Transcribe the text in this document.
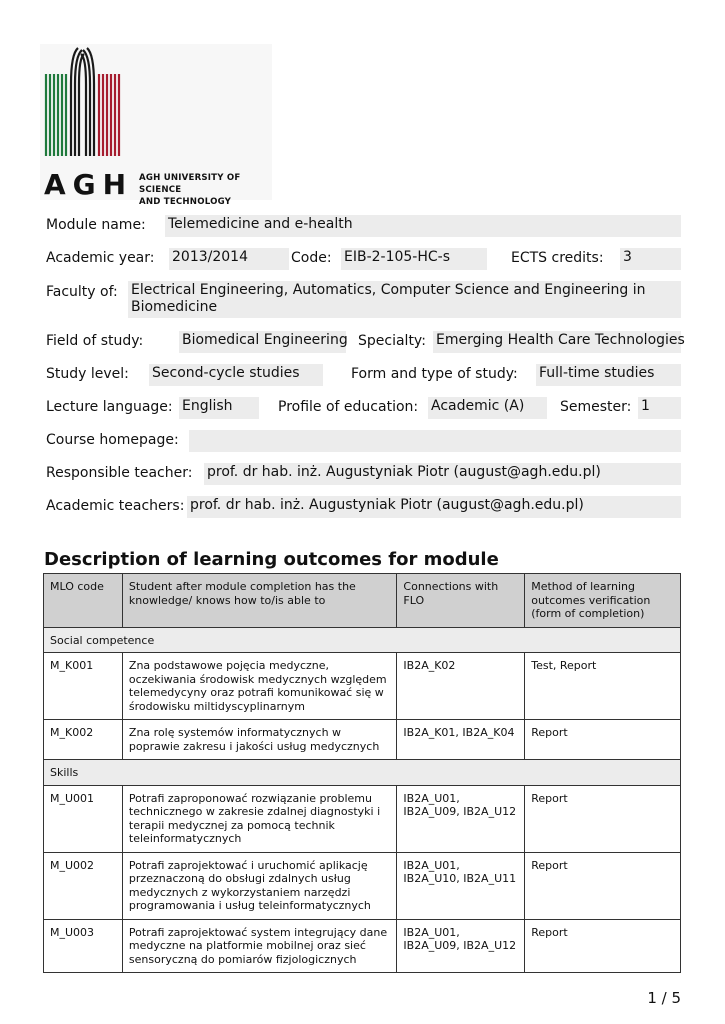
AGH AGH UNIVERSITY OF SCIENCE
AND TECHNOLOGY
Module name: Telemedicine and e-health
Academic year: 2013/2014	Code: EIB-2-105-HC-s	ECTS credits: 3
Faculty of: Electrical Engineering, Automatics, Computer Science and Engineering in
Biomedicine
Field of study:	Biomedical Engineering Specialty: Emerging Health Care Technologies
Study level: Second-cycle studies	Form and type of study: Full-time studies
Lecture language: English	Profile of education: Academic (A)	Semester: 1
Course homepage:
Responsible teacher: prof. dr hab. inż. Augustyniak Piotr (august@agh.edu.pl)
Academic teachers: prof. dr hab. inż. Augustyniak Piotr (august@agh.edu.pl)
Description of learning outcomes for module
MLO code	Student after module completion has the knowledge/ knows how to/is able to	Connections with FLO	Method of learning outcomes verification (form of completion)
Social competence			
M_K001	Zna podstawowe pojęcia medyczne, oczekiwania środowisk medycznych względem telemedycyny oraz potrafi komunikować się w środowisku miltidyscyplinarnym	IB2A_K02	Test, Report
M_K002	Zna rolę systemów informatycznych w poprawie zakresu i jakości usług medycznych	IB2A_K01, IB2A_K04	Report
Skills			
M_U001	Potrafi zaproponować rozwiązanie problemu technicznego w zakresie zdalnej diagnostyki i terapii medycznej za pomocą technik teleinformatycznych	IB2A_U01, IB2A_U09, IB2A_U12	Report
M_U002	Potrafi zaprojektować i uruchomić aplikację przeznaczoną do obsługi zdalnych usług medycznych z wykorzystaniem narzędzi programowania i usług teleinformatycznych	IB2A_U01, IB2A_U10, IB2A_U11	Report
M_U003	Potrafi zaprojektować system integrujący dane medyczne na platformie mobilnej oraz sieć sensoryczną do pomiarów fizjologicznych	IB2A_U01, IB2A_U09, IB2A_U12	Report
1 / 5
